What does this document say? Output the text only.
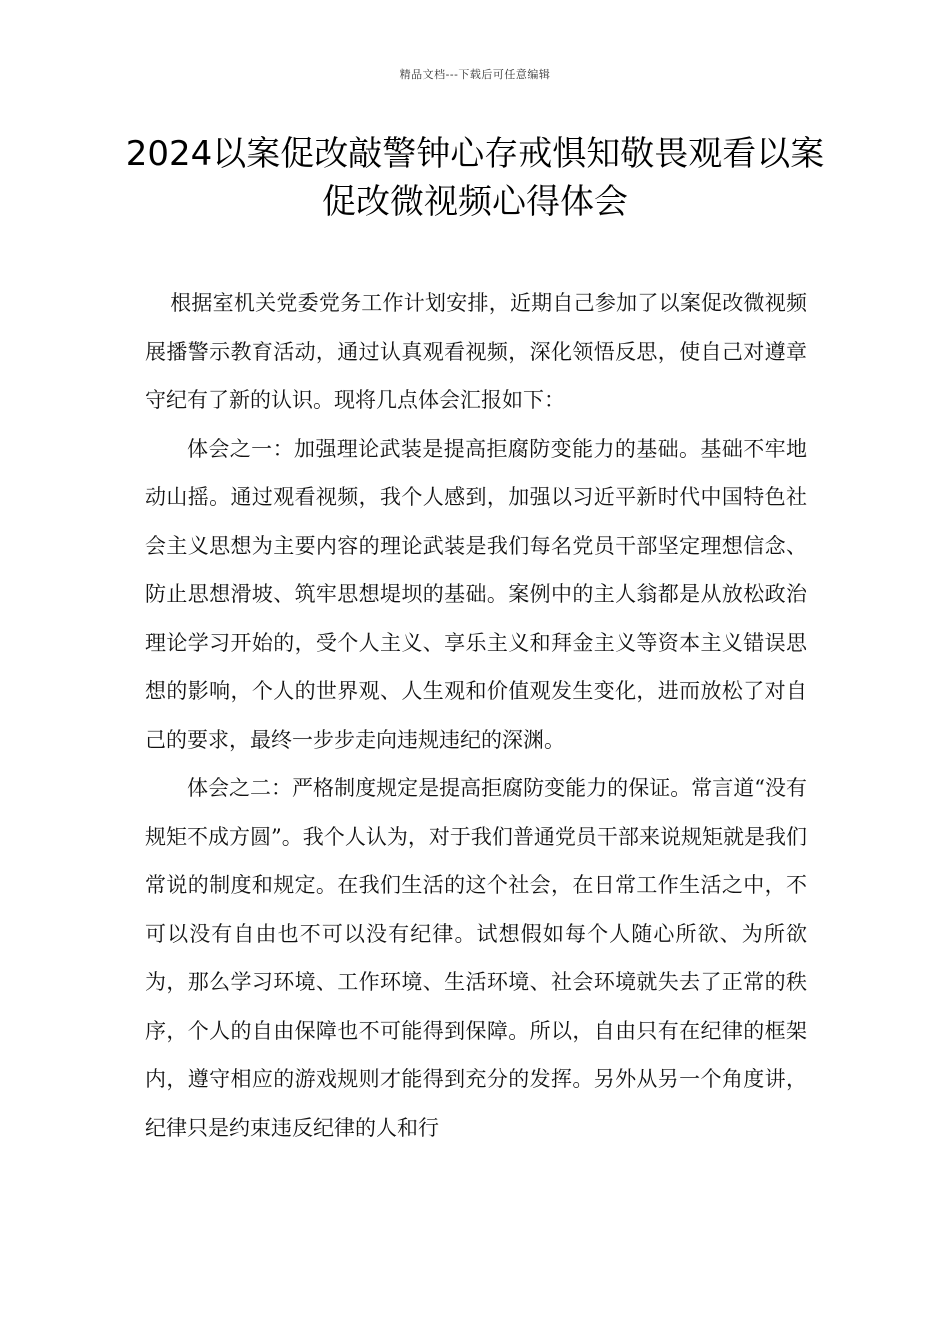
精品文档---下载后可任意编辑
2024以案促改敲警钟心存戒惧知敬畏观看以案促改微视频心得体会

根据室机关党委党务工作计划安排，近期自己参加了以案促改微视频展播警示教育活动，通过认真观看视频，深化领悟反思，使自己对遵章守纪有了新的认识。现将几点体会汇报如下：

体会之一：加强理论武装是提高拒腐防变能力的基础。基础不牢地动山摇。通过观看视频，我个人感到，加强以习近平新时代中国特色社会主义思想为主要内容的理论武装是我们每名党员干部坚定理想信念、防止思想滑坡、筑牢思想堤坝的基础。案例中的主人翁都是从放松政治理论学习开始的，受个人主义、享乐主义和拜金主义等资本主义错误思想的影响，个人的世界观、人生观和价值观发生变化，进而放松了对自己的要求，最终一步步走向违规违纪的深渊。

体会之二：严格制度规定是提高拒腐防变能力的保证。常言道“没有规矩不成方圆”。我个人认为，对于我们普通党员干部来说规矩就是我们常说的制度和规定。在我们生活的这个社会，在日常工作生活之中，不可以没有自由也不可以没有纪律。试想假如每个人随心所欲、为所欲为，那么学习环境、工作环境、生活环境、社会环境就失去了正常的秩序，个人的自由保障也不可能得到保障。所以，自由只有在纪律的框架内，遵守相应的游戏规则才能得到充分的发挥。另外从另一个角度讲，纪律只是约束违反纪律的人和行
